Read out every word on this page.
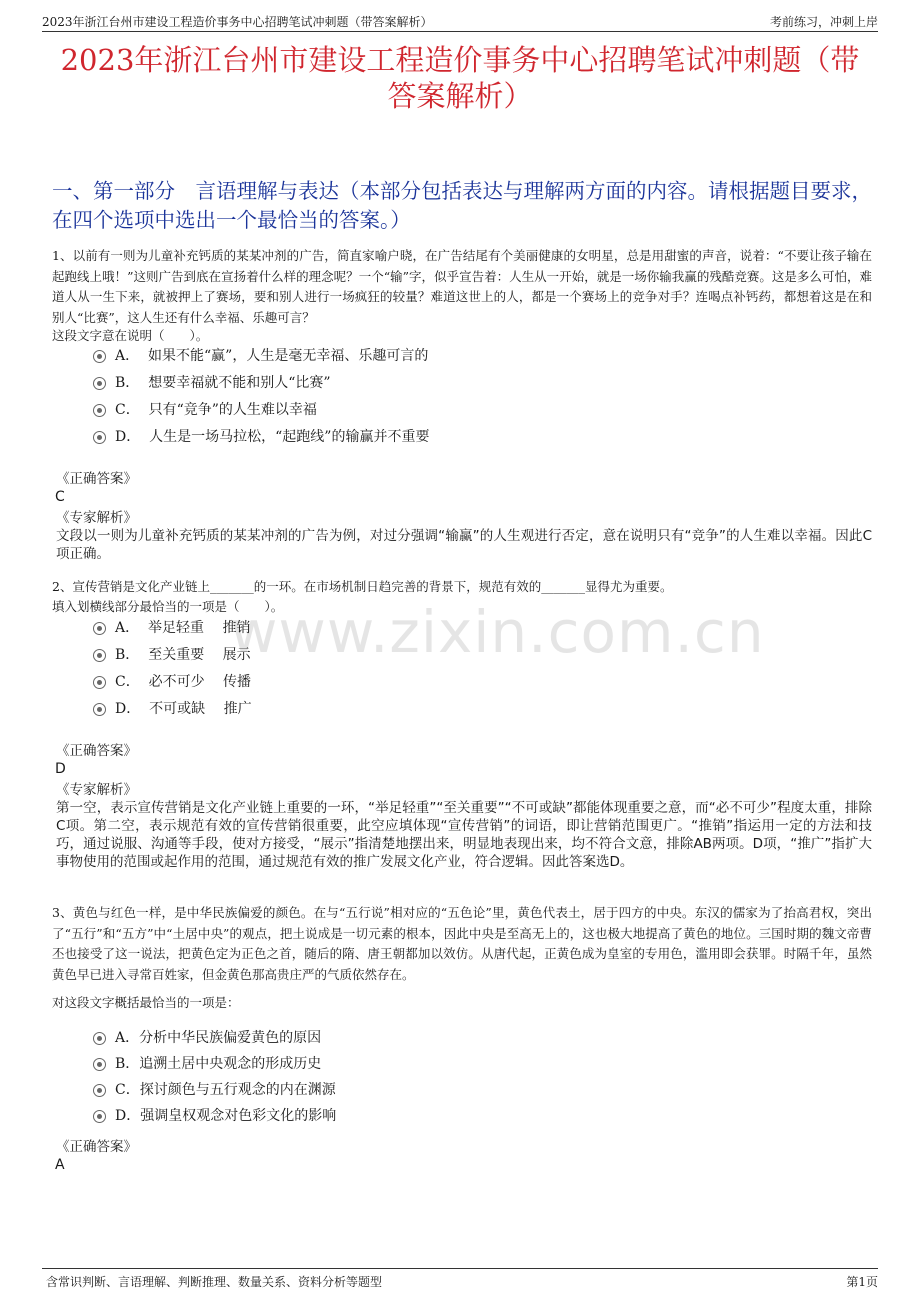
2023年浙江台州市建设工程造价事务中心招聘笔试冲刺题（带答案解析）	考前练习，冲刺上岸
2023年浙江台州市建设工程造价事务中心招聘笔试冲刺题（带答案解析）
一、第一部分　言语理解与表达（本部分包括表达与理解两方面的内容。请根据题目要求，在四个选项中选出一个最恰当的答案。）
www.zixin.com.cn
1、以前有一则为儿童补充钙质的某某冲剂的广告，简直家喻户晓，在广告结尾有个美丽健康的女明星，总是用甜蜜的声音，说着：“不要让孩子输在起跑线上哦！”这则广告到底在宣扬着什么样的理念呢？一个“输”字，似乎宣告着：人生从一开始，就是一场你输我赢的残酷竞赛。这是多么可怕，难道人从一生下来，就被押上了赛场，要和别人进行一场疯狂的较量？难道这世上的人，都是一个赛场上的竞争对手？连喝点补钙药，都想着这是在和别人“比赛”，这人生还有什么幸福、乐趣可言？
这段文字意在说明（　　）。
A．  如果不能“赢”，人生是毫无幸福、乐趣可言的
B．  想要幸福就不能和别人“比赛”
C．  只有“竞争”的人生难以幸福
D．  人生是一场马拉松，“起跑线”的输赢并不重要
《正确答案》
C
《专家解析》
文段以一则为儿童补充钙质的某某冲剂的广告为例，对过分强调“输赢”的人生观进行否定，意在说明只有“竞争”的人生难以幸福。因此C项正确。
2、宣传营销是文化产业链上_______的一环。在市场机制日趋完善的背景下，规范有效的_______显得尤为重要。
填入划横线部分最恰当的一项是（　　）。
A．  举足轻重　 推销
B．  至关重要　 展示
C．  必不可少　 传播
D．  不可或缺　 推广
《正确答案》
D
《专家解析》
第一空，表示宣传营销是文化产业链上重要的一环，“举足轻重”“至关重要”“不可或缺”都能体现重要之意，而“必不可少”程度太重，排除C项。第二空，表示规范有效的宣传营销很重要，此空应填体现“宣传营销”的词语，即让营销范围更广。“推销”指运用一定的方法和技巧，通过说服、沟通等手段，使对方接受，“展示”指清楚地摆出来，明显地表现出来，均不符合文意，排除AB两项。D项，“推广”指扩大事物使用的范围或起作用的范围，通过规范有效的推广发展文化产业，符合逻辑。因此答案选D。
3、黄色与红色一样，是中华民族偏爱的颜色。在与“五行说”相对应的“五色论”里，黄色代表土，居于四方的中央。东汉的儒家为了抬高君权，突出了“五行”和“五方”中“土居中央”的观点，把土说成是一切元素的根本，因此中央是至高无上的，这也极大地提高了黄色的地位。三国时期的魏文帝曹丕也接受了这一说法，把黄色定为正色之首，随后的隋、唐王朝都加以效仿。从唐代起，正黄色成为皇室的专用色，滥用即会获罪。时隔千年，虽然黄色早已进入寻常百姓家，但金黄色那高贵庄严的气质依然存在。
对这段文字概括最恰当的一项是：
A．分析中华民族偏爱黄色的原因
B．追溯土居中央观念的形成历史
C．探讨颜色与五行观念的内在渊源
D．强调皇权观念对色彩文化的影响
《正确答案》
A
含常识判断、言语理解、判断推理、数量关系、资料分析等题型	第1页
